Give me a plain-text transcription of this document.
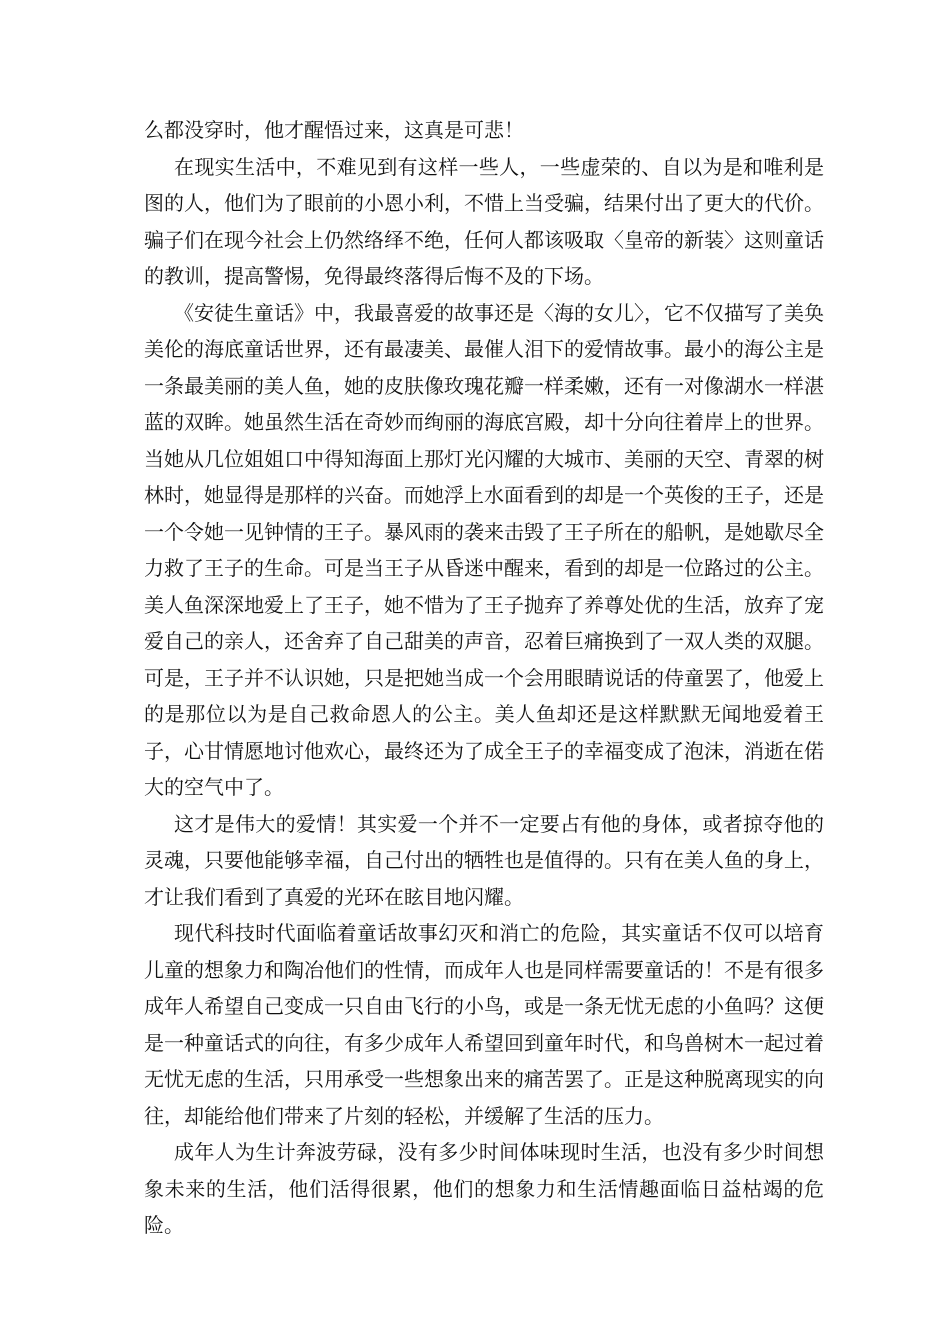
么都没穿时，他才醒悟过来，这真是可悲！

在现实生活中，不难见到有这样一些人，一些虚荣的、自以为是和唯利是图的人，他们为了眼前的小恩小利，不惜上当受骗，结果付出了更大的代价。骗子们在现今社会上仍然络绎不绝，任何人都该吸取〈皇帝的新装〉这则童话的教训，提高警惕，免得最终落得后悔不及的下场。

《安徒生童话》中，我最喜爱的故事还是〈海的女儿〉，它不仅描写了美奂美伦的海底童话世界，还有最凄美、最催人泪下的爱情故事。最小的海公主是一条最美丽的美人鱼，她的皮肤像玫瑰花瓣一样柔嫩，还有一对像湖水一样湛蓝的双眸。她虽然生活在奇妙而绚丽的海底宫殿，却十分向往着岸上的世界。当她从几位姐姐口中得知海面上那灯光闪耀的大城市、美丽的天空、青翠的树林时，她显得是那样的兴奋。而她浮上水面看到的却是一个英俊的王子，还是一个令她一见钟情的王子。暴风雨的袭来击毁了王子所在的船帆，是她歇尽全力救了王子的生命。可是当王子从昏迷中醒来，看到的却是一位路过的公主。美人鱼深深地爱上了王子，她不惜为了王子抛弃了养尊处优的生活，放弃了宠爱自己的亲人，还舍弃了自己甜美的声音，忍着巨痛换到了一双人类的双腿。可是，王子并不认识她，只是把她当成一个会用眼睛说话的侍童罢了，他爱上的是那位以为是自己救命恩人的公主。美人鱼却还是这样默默无闻地爱着王子，心甘情愿地讨他欢心，最终还为了成全王子的幸福变成了泡沫，消逝在偌大的空气中了。

这才是伟大的爱情！其实爱一个并不一定要占有他的身体，或者掠夺他的灵魂，只要他能够幸福，自己付出的牺牲也是值得的。只有在美人鱼的身上，才让我们看到了真爱的光环在眩目地闪耀。

现代科技时代面临着童话故事幻灭和消亡的危险，其实童话不仅可以培育儿童的想象力和陶冶他们的性情，而成年人也是同样需要童话的！不是有很多成年人希望自己变成一只自由飞行的小鸟，或是一条无忧无虑的小鱼吗？这便是一种童话式的向往，有多少成年人希望回到童年时代，和鸟兽树木一起过着无忧无虑的生活，只用承受一些想象出来的痛苦罢了。正是这种脱离现实的向往，却能给他们带来了片刻的轻松，并缓解了生活的压力。

成年人为生计奔波劳碌，没有多少时间体味现时生活，也没有多少时间想象未来的生活，他们活得很累，他们的想象力和生活情趣面临日益枯竭的危险。
